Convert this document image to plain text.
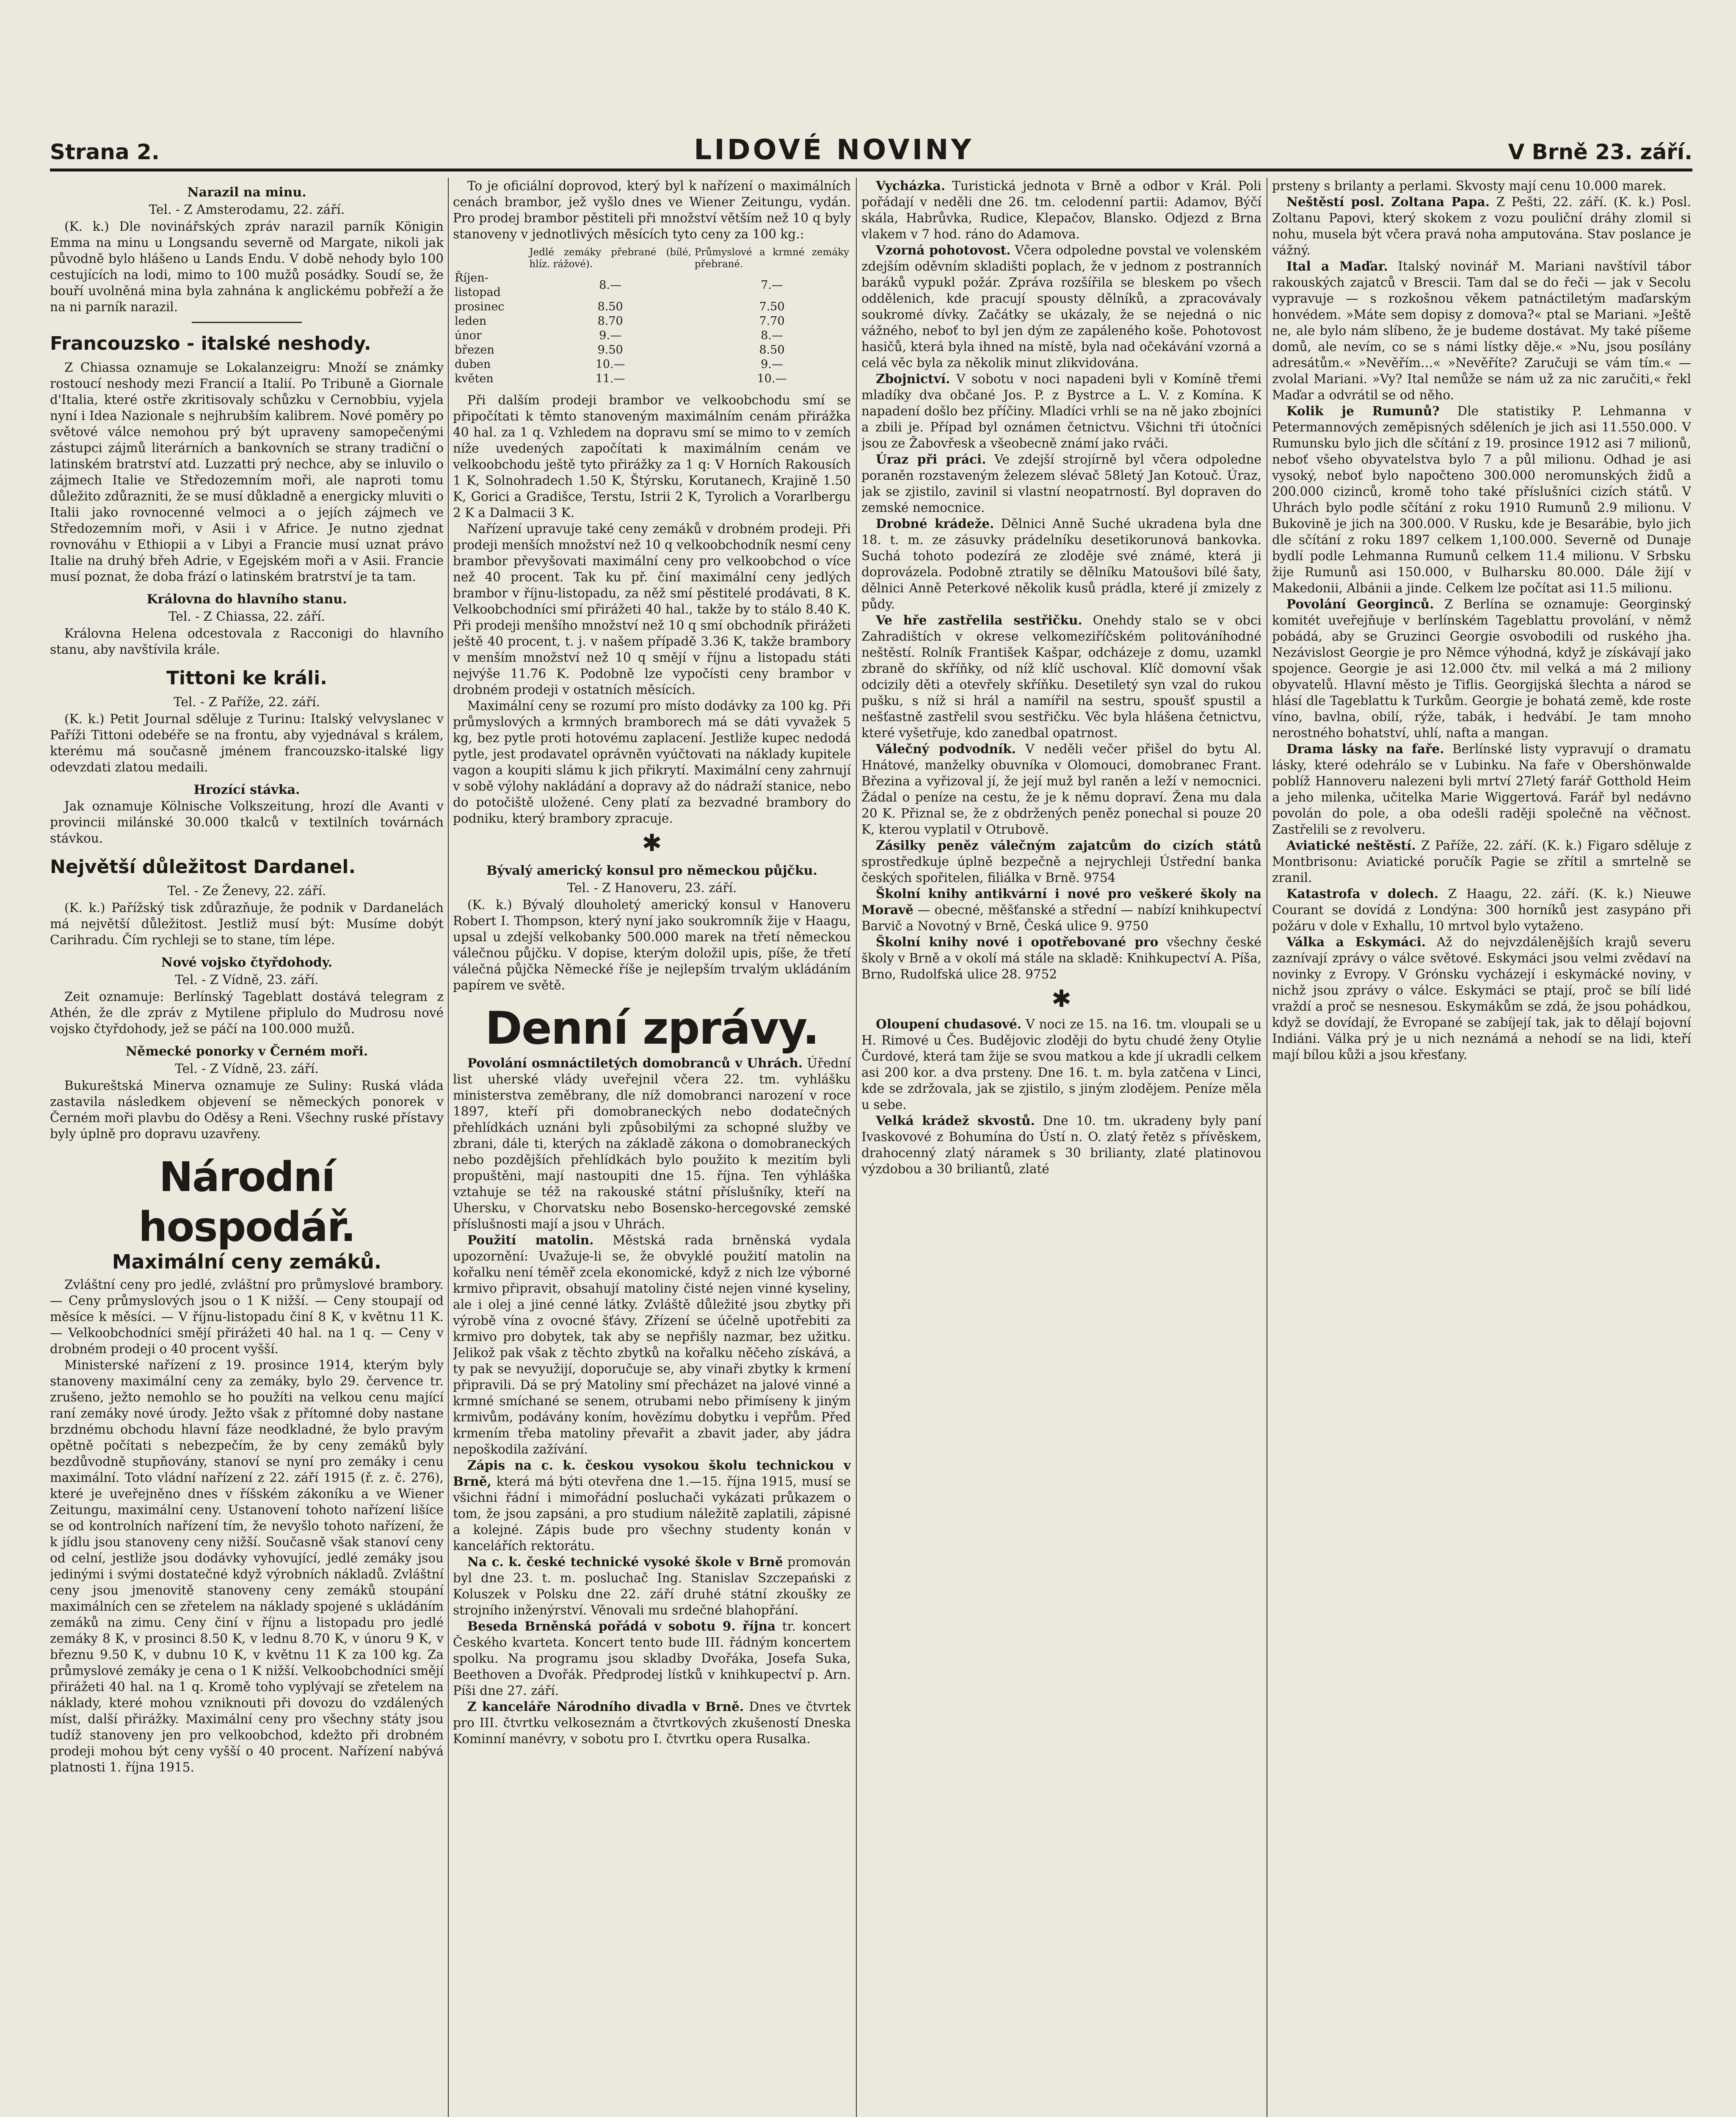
Strana 2.	LIDOVÉ NOVINY	V Brně 23. září.
Narazil na minu.

Tel. - Z Amsterodamu, 22. září.

(K. k.) Dle novinářských zpráv narazil parník Königin Emma na minu u Longsandu severně od Margate, nikoli jak původně bylo hlášeno u Lands Endu. V době nehody bylo 100 cestujících na lodi, mimo to 100 mužů posádky. Soudí se, že bouří uvolněná mina byla zahnána k anglickému pobřeží a že na ni parník narazil.

Francouzsko - italské neshody.

Z Chiassa oznamuje se Lokalanzeigru: Množí se známky rostoucí neshody mezi Francií a Italií. Po Tribuně a Giornale d'Italia, které ostře zkritisovaly schůzku v Cernobbiu, vyjela nyní i Idea Nazionale s nejhrubším kalibrem. Nové poměry po světové válce nemohou prý být upraveny samopečenými zástupci zájmů literárních a bankovních se strany tradiční o latinském bratrství atd. Luzzatti prý nechce, aby se inluvilo o zájmech Italie ve Středozemním moři, ale naproti tomu důležito zdůrazniti, že se musí důkladně a energicky mluviti o Italii jako rovnocenné velmoci a o jejích zájmech ve Středozemním moři, v Asii i v Africe. Je nutno zjednat rovnováhu v Ethiopii a v Libyi a Francie musí uznat právo Italie na druhý břeh Adrie, v Egejském moři a v Asii. Francie musí poznat, že doba frází o latinském bratrství je ta tam.

Královna do hlavního stanu.

Tel. - Z Chiassa, 22. září.

Královna Helena odcestovala z Racconigi do hlavního stanu, aby navštívila krále.

Tittoni ke králi.

Tel. - Z Paříže, 22. září.

(K. k.) Petit Journal sděluje z Turinu: Italský velvyslanec v Paříži Tittoni odebéře se na frontu, aby vyjednával s králem, kterému má současně jménem francouzsko-italské ligy odevzdati zlatou medaili.

Hrozící stávka.

Jak oznamuje Kölnische Volkszeitung, hrozí dle Avanti v provincii milánské 30.000 tkalců v textilních továrnách stávkou.

Největší důležitost Dardanel.

Tel. - Ze Ženevy, 22. září.

(K. k.) Pařížský tisk zdůrazňuje, že podnik v Dardanelách má největší důležitost. Jestliž musí být: Musíme dobýt Carihradu. Čím rychleji se to stane, tím lépe.

Nové vojsko čtyřdohody.

Tel. - Z Vídně, 23. září.

Zeit oznamuje: Berlínský Tageblatt dostává telegram z Athén, že dle zpráv z Mytilene připlulo do Mudrosu nové vojsko čtyřdohody, jež se páčí na 100.000 mužů.

Německé ponorky v Černém moři.

Tel. - Z Vídně, 23. září.

Bukureštská Minerva oznamuje ze Suliny: Ruská vláda zastavila následkem objevení se německých ponorek v Černém moři plavbu do Oděsy a Reni. Všechny ruské přístavy byly úplně pro dopravu uzavřeny.

Národní hospodář.
Maximální ceny zemáků.

Zvláštní ceny pro jedlé, zvláštní pro průmyslové brambory. — Ceny průmyslových jsou o 1 K nižší. — Ceny stoupají od měsíce k měsíci. — V říjnu-listopadu činí 8 K, v květnu 11 K. — Velkoobchodníci smějí přirážeti 40 hal. na 1 q. — Ceny v drobném prodeji o 40 procent vyšší.

Ministerské nařízení z 19. prosince 1914, kterým byly stanoveny maximální ceny za zemáky, bylo 29. července tr. zrušeno, ježto nemohlo se ho použíti na velkou cenu mající raní zemáky nové úrody. Ježto však z přítomné doby nastane brzdnému obchodu hlavní fáze neodkladné, že bylo pravým opětně počítati s nebezpečím, že by ceny zemáků byly bezdůvodně stupňovány, stanoví se nyní pro zemáky i cenu maximální. Toto vládní nařízení z 22. září 1915 (ř. z. č. 276), které je uveřejněno dnes v říšském zákoníku a ve Wiener Zeitungu, maximální ceny. Ustanovení tohoto nařízení lišíce se od kontrolních nařízení tím, že nevyšlo tohoto nařízení, že k jídlu jsou stanoveny ceny nižší. Současně však stanoví ceny od celní, jestliže jsou dodávky vyhovující, jedlé zemáky jsou jedinými i svými dostatečné když výrobních nákladů. Zvláštní ceny jsou jmenovitě stanoveny ceny zemáků stoupání maximálních cen se zřetelem na náklady spojené s ukládáním zemáků na zimu. Ceny činí v říjnu a listopadu pro jedlé zemáky 8 K, v prosinci 8.50 K, v lednu 8.70 K, v únoru 9 K, v březnu 9.50 K, v dubnu 10 K, v květnu 11 K za 100 kg. Za průmyslové zemáky je cena o 1 K nižší. Velkoobchodníci smějí přirážeti 40 hal. na 1 q. Kromě toho vyplývají se zřetelem na náklady, které mohou vzniknouti při dovozu do vzdálených míst, další přirážky. Maximální ceny pro všechny státy jsou tudíž stanoveny jen pro velkoobchod, kdežto při drobném prodeji mohou být ceny vyšší o 40 procent. Nařízení nabývá platnosti 1. října 1915.

To je oficiální doprovod, který byl k nařízení o maximálních cenách brambor, jež vyšlo dnes ve Wiener Zeitungu, vydán. Pro prodej brambor pěstiteli při množství větším než 10 q byly stanoveny v jednotlivých měsících tyto ceny za 100 kg.:

	Jedlé zemáky přebrané (bílé, hlíz. rážové).	Průmyslové a krmné zemáky přebrané.
Říjen-listopad	8.—	7.—
prosinec	8.50	7.50
leden	8.70	7.70
únor	9.—	8.—
březen	9.50	8.50
duben	10.—	9.—
květen	11.—	10.—

Při dalším prodeji brambor ve velkoobchodu smí se připočítati k těmto stanoveným maximálním cenám přirážka 40 hal. za 1 q. Vzhledem na dopravu smí se mimo to v zemích níže uvedených započítati k maximálním cenám ve velkoobchodu ještě tyto přirážky za 1 q: V Horních Rakousích 1 K, Solnohradech 1.50 K, Štýrsku, Korutanech, Krajině 1.50 K, Gorici a Gradišce, Terstu, Istrii 2 K, Tyrolich a Vorarlbergu 2 K a Dalmacii 3 K.

Nařízení upravuje také ceny zemáků v drobném prodeji. Při prodeji menších množství než 10 q velkoobchodník nesmí ceny brambor převyšovati maximální ceny pro velkoobchod o více než 40 procent. Tak ku př. činí maximální ceny jedlých brambor v říjnu-listopadu, za něž smí pěstitelé prodávati, 8 K. Velkoobchodníci smí přirážeti 40 hal., takže by to stálo 8.40 K. Při prodeji menšího množství než 10 q smí obchodník přirážeti ještě 40 procent, t. j. v našem případě 3.36 K, takže brambory v menším množství než 10 q smějí v říjnu a listopadu státi nejvýše 11.76 K. Podobně lze vypočísti ceny brambor v drobném prodeji v ostatních měsících.

Maximální ceny se rozumí pro místo dodávky za 100 kg. Při průmyslových a krmných bramborech má se dáti vyvažek 5 kg, bez pytle proti hotovému zaplacení. Jestliže kupec nedodá pytle, jest prodavatel oprávněn vyúčtovati na náklady kupitele vagon a koupiti slámu k jich přikrytí. Maximální ceny zahrnují v sobě výlohy nakládání a dopravy až do nádraží stanice, nebo do potočiště uložené. Ceny platí za bezvadné brambory do podniku, který brambory zpracuje.

✱
Bývalý americký konsul pro německou půjčku.

Tel. - Z Hanoveru, 23. září.

(K. k.) Bývalý dlouholetý americký konsul v Hanoveru Robert I. Thompson, který nyní jako soukromník žije v Haagu, upsal u zdejší velkobanky 500.000 marek na třetí německou válečnou půjčku. V dopise, kterým doložil upis, píše, že třetí válečná půjčka Německé říše je nejlepším trvalým ukládáním papírem ve světě.

Denní zprávy.

Povolání osmnáctiletých domobranců v Uhrách. Úřední list uherské vlády uveřejnil včera 22. tm. vyhlášku ministerstva zeměbrany, dle níž domobranci narození v roce 1897, kteří při domobraneckých nebo dodatečných přehlídkách uznáni byli způsobilými za schopné služby ve zbrani, dále ti, kterých na základě zákona o domobraneckých nebo pozdějších přehlídkách bylo použito k mezitím byli propuštěni, mají nastoupiti dne 15. října. Ten výhláška vztahuje se též na rakouské státní příslušníky, kteří na Uhersku, v Chorvatsku nebo Bosensko-hercegovské zemské příslušnosti mají a jsou v Uhrách.

Použití matolin. Městská rada brněnská vydala upozornění: Uvažuje-li se, že obvyklé použití matolin na kořalku není téměř zcela ekonomické, když z nich lze výborné krmivo připravit, obsahují matoliny čisté nejen vinné kyseliny, ale i olej a jiné cenné látky. Zvláště důležité jsou zbytky při výrobě vína z ovocné šťávy. Zřízení se účelně upotřebiti za krmivo pro dobytek, tak aby se nepřišly nazmar, bez užitku. Jelikož pak však z těchto zbytků na kořalku něčeho získává, a ty pak se nevyužijí, doporučuje se, aby vinaři zbytky k krmení připravili. Dá se prý Matoliny smí přecházet na jalové vinné a krmné smíchané se senem, otrubami nebo přimíseny k jiným krmivům, podávány koním, hovězímu dobytku i vepřům. Před krmením třeba matoliny převařit a zbavit jader, aby jádra nepoškodila zažívání.

Zápis na c. k. českou vysokou školu technickou v Brně, která má býti otevřena dne 1.—15. října 1915, musí se všichni řádní i mimořádní posluchači vykázati průkazem o tom, že jsou zapsáni, a pro studium náležitě zaplatili, zápisné a kolejné. Zápis bude pro všechny studenty konán v kancelářích rektorátu.

Na c. k. české technické vysoké škole v Brně promován byl dne 23. t. m. posluchač Ing. Stanislav Szczepański z Koluszek v Polsku dne 22. září druhé státní zkoušky ze strojního inženýrství. Věnovali mu srdečné blahopřání.

Beseda Brněnská pořádá v sobotu 9. října tr. koncert Českého kvarteta. Koncert tento bude III. řádným koncertem spolku. Na programu jsou skladby Dvořáka, Josefa Suka, Beethoven a Dvořák. Předprodej lístků v knihkupectví p. Arn. Píši dne 27. září.

Z kanceláře Národního divadla v Brně. Dnes ve čtvrtek pro III. čtvrtku velkoseznám a čtvrtkových zkušeností Dneska Kominní manévry, v sobotu pro I. čtvrtku opera Rusalka.

Vycházka. Turistická jednota v Brně a odbor v Král. Poli pořádají v neděli dne 26. tm. celodenní partii: Adamov, Býčí skála, Habrůvka, Rudice, Klepačov, Blansko. Odjezd z Brna vlakem v 7 hod. ráno do Adamova.

Vzorná pohotovost. Včera odpoledne povstal ve volenském zdejším oděvním skladišti poplach, že v jednom z postranních baráků vypukl požár. Zpráva rozšířila se bleskem po všech oddělenich, kde pracují spousty dělníků, a zpracovávaly soukromé dívky. Začátky se ukázaly, že se nejedná o nic vážného, neboť to byl jen dým ze zapáleného koše. Pohotovost hasičů, která byla ihned na místě, byla nad očekávání vzorná a celá věc byla za několik minut zlikvidována.

Zbojnictví. V sobotu v noci napadeni byli v Komíně třemi mladíky dva občané Jos. P. z Bystrce a L. V. z Komína. K napadení došlo bez příčiny. Mladíci vrhli se na ně jako zbojníci a zbili je. Případ byl oznámen četnictvu. Všichni tři útočníci jsou ze Žabovřesk a všeobecně známí jako rváči.

Úraz při práci. Ve zdejší strojírně byl včera odpoledne poraněn rozstaveným železem slévač 58letý Jan Kotouč. Úraz, jak se zjistilo, zavinil si vlastní neopatrností. Byl dopraven do zemské nemocnice.

Drobné krádeže. Dělnici Anně Suché ukradena byla dne 18. t. m. ze zásuvky prádelníku desetikorunová bankovka. Suchá tohoto podezírá ze zloděje své známé, která ji doprovázela. Podobně ztratily se dělníku Matoušovi bílé šaty, dělnici Anně Peterkové několik kusů prádla, které jí zmizely z půdy.

Ve hře zastřelila sestřičku. Onehdy stalo se v obci Zahradištích v okrese velkomeziříčském politováníhodné neštěstí. Rolník František Kašpar, odcházeje z domu, uzamkl zbraně do skříňky, od níž klíč uschoval. Klíč domovní však odcizily děti a otevřely skříňku. Desetiletý syn vzal do rukou pušku, s níž si hrál a namířil na sestru, spoušť spustil a nešťastně zastřelil svou sestřičku. Věc byla hlášena četnictvu, které vyšetřuje, kdo zanedbal opatrnost.

Válečný podvodník. V neděli večer přišel do bytu Al. Hnátové, manželky obuvníka v Olomouci, domobranec Frant. Březina a vyřizoval jí, že její muž byl raněn a leží v nemocnici. Žádal o peníze na cestu, že je k němu dopraví. Žena mu dala 20 K. Přiznal se, že z obdržených peněz ponechal si pouze 20 K, kterou vyplatil v Otrubově.

Zásilky peněz válečným zajatcům do cizích států sprostředkuje úplně bezpečně a nejrychleji Ústřední banka českých spořitelen, filiálka v Brně. 9754

Školní knihy antikvární i nové pro veškeré školy na Moravě — obecné, měšťanské a střední — nabízí knihkupectví Barvič a Novotný v Brně, Česká ulice 9. 9750

Školní knihy nové i opotřebované pro všechny české školy v Brně a v okolí má stále na skladě: Knihkupectví A. Píša, Brno, Rudolfská ulice 28. 9752

✱

Oloupení chudasové. V noci ze 15. na 16. tm. vloupali se u H. Rimové u Čes. Budějovic zloději do bytu chudé ženy Otylie Čurdové, která tam žije se svou matkou a kde jí ukradli celkem asi 200 kor. a dva prsteny. Dne 16. t. m. byla zatčena v Linci, kde se zdržovala, jak se zjistilo, s jiným zlodějem. Peníze měla u sebe.

Velká krádež skvostů. Dne 10. tm. ukradeny byly paní Ivaskovové z Bohumína do Ústí n. O. zlatý řetěz s přívěskem, drahocenný zlatý náramek s 30 brilianty, zlaté platinovou výzdobou a 30 briliantů, zlaté

prsteny s brilanty a perlami. Skvosty mají cenu 10.000 marek.

Neštěstí posl. Zoltana Papa. Z Pešti, 22. září. (K. k.) Posl. Zoltanu Papovi, který skokem z vozu pouliční dráhy zlomil si nohu, musela být včera pravá noha amputována. Stav poslance je vážný.

Ital a Maďar. Italský novinář M. Mariani navštívil tábor rakouských zajatců v Brescii. Tam dal se do řeči — jak v Secolu vypravuje — s rozkošnou věkem patnáctiletým maďarským honvédem. »Máte sem dopisy z domova?« ptal se Mariani. »Ještě ne, ale bylo nám slíbeno, že je budeme dostávat. My také píšeme domů, ale nevím, co se s námi lístky děje.« »Nu, jsou posílány adresátům.« »Nevěřím…« »Nevěříte? Zaručuji se vám tím.« — zvolal Mariani. »Vy? Ital nemůže se nám už za nic zaručiti,« řekl Maďar a odvrátil se od něho.

Kolik je Rumunů? Dle statistiky P. Lehmanna v Petermannových zeměpisných sděleních je jich asi 11.550.000. V Rumunsku bylo jich dle sčítání z 19. prosince 1912 asi 7 milionů, neboť všeho obyvatelstva bylo 7 a půl milionu. Odhad je asi vysoký, neboť bylo napočteno 300.000 neromunských židů a 200.000 cizinců, kromě toho také příslušníci cizích států. V Uhrách bylo podle sčítání z roku 1910 Rumunů 2.9 milionu. V Bukovině je jich na 300.000. V Rusku, kde je Besarábie, bylo jich dle sčítání z roku 1897 celkem 1,100.000. Severně od Dunaje bydlí podle Lehmanna Rumunů celkem 11.4 milionu. V Srbsku žije Rumunů asi 150.000, v Bulharsku 80.000. Dále žijí v Makedonii, Albánii a jinde. Celkem lze počítat asi 11.5 milionu.

Povolání Georginců. Z Berlína se oznamuje: Georginský komitét uveřejňuje v berlínském Tageblattu provolání, v němž pobádá, aby se Gruzinci Georgie osvobodili od ruského jha. Nezávislost Georgie je pro Němce výhodná, když je získávají jako spojence. Georgie je asi 12.000 čtv. mil velká a má 2 miliony obyvatelů. Hlavní město je Tiflis. Georgijská šlechta a národ se hlásí dle Tageblattu k Turkům. Georgie je bohatá země, kde roste víno, bavlna, obilí, rýže, tabák, i hedvábí. Je tam mnoho nerostného bohatství, uhlí, nafta a mangan.

Drama lásky na faře. Berlínské listy vypravují o dramatu lásky, které odehrálo se v Lubinku. Na faře v Obershönwalde poblíž Hannoveru nalezeni byli mrtví 27letý farář Gotthold Heim a jeho milenka, učitelka Marie Wiggertová. Farář byl nedávno povolán do pole, a oba odešli raději společně na věčnost. Zastřelili se z revolveru.

Aviatické neštěstí. Z Paříže, 22. září. (K. k.) Figaro sděluje z Montbrisonu: Aviatické poručík Pagie se zřítil a smrtelně se zranil.

Katastrofa v dolech. Z Haagu, 22. září. (K. k.) Nieuwe Courant se dovídá z Londýna: 300 horníků jest zasypáno při požáru v dole v Exhallu, 10 mrtvol bylo vytaženo.

Válka a Eskymáci. Až do nejvzdálenějších krajů severu zaznívají zprávy o válce světové. Eskymáci jsou velmi zvědaví na novinky z Evropy. V Grónsku vycházejí i eskymácké noviny, v nichž jsou zprávy o válce. Eskymáci se ptají, proč se bílí lidé vraždí a proč se nesnesou. Eskymákům se zdá, že jsou pohádkou, když se dovídají, že Evropané se zabíjejí tak, jak to dělají bojovní Indiáni. Válka prý je u nich neznámá a nehodí se na lidi, kteří mají bílou kůži a jsou křesťany.
